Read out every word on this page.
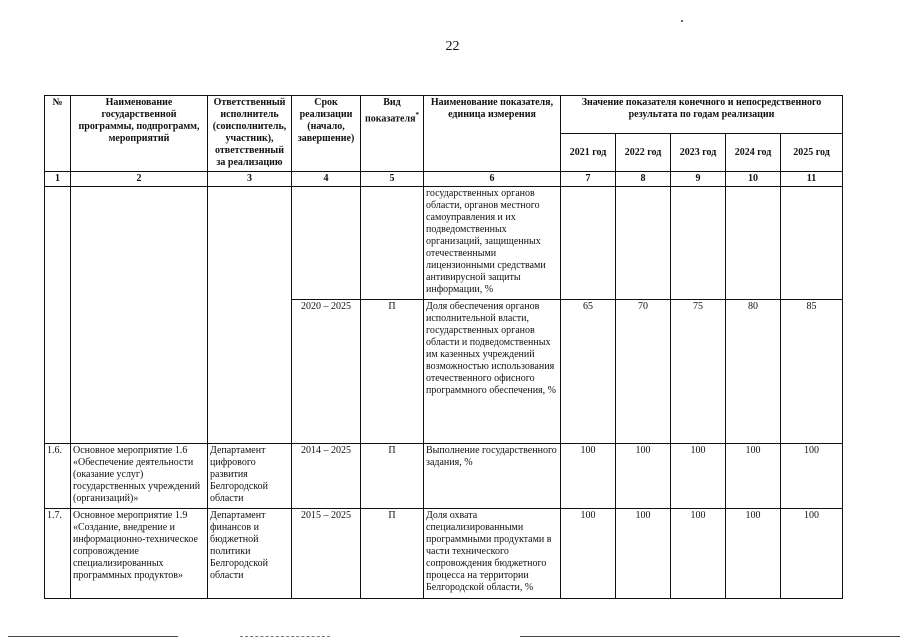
22
№	Наименование государственной программы, подпрограмм, мероприятий	Ответственный исполнитель (соисполнитель, участник), ответственный за реализацию	Срок реализации (начало, завершение)	Вид показателя*	Наименование показателя, единица измерения	Значение показателя конечного и непосредственного результата по годам реализации				
						2021 год	2022 год	2023 год	2024 год	2025 год
1	2	3	4	5	6	7	8	9	10	11
					государственных органов области, органов местного самоуправления и их подведомственных организаций, защищенных отечественными лицензионными средствами антивирусной защиты информации, %					
			2020 – 2025	П	Доля обеспечения органов исполнительной власти, государственных органов области и подведомственных им казенных учреждений возможностью использования отечественного офисного программного обеспечения, %	65	70	75	80	85
1.6.	Основное мероприятие 1.6 «Обеспечение деятельности (оказание услуг) государственных учреждений (организаций)»	Департамент цифрового развития Белгородской области	2014 – 2025	П	Выполнение государственного задания, %	100	100	100	100	100
1.7.	Основное мероприятие 1.9 «Создание, внедрение и информационно-техническое сопровождение специализированных программных продуктов»	Департамент финансов и бюджетной политики Белгородской области	2015 – 2025	П	Доля охвата специализированными программными продуктами в части технического сопровождения бюджетного процесса на территории Белгородской области, %	100	100	100	100	100
